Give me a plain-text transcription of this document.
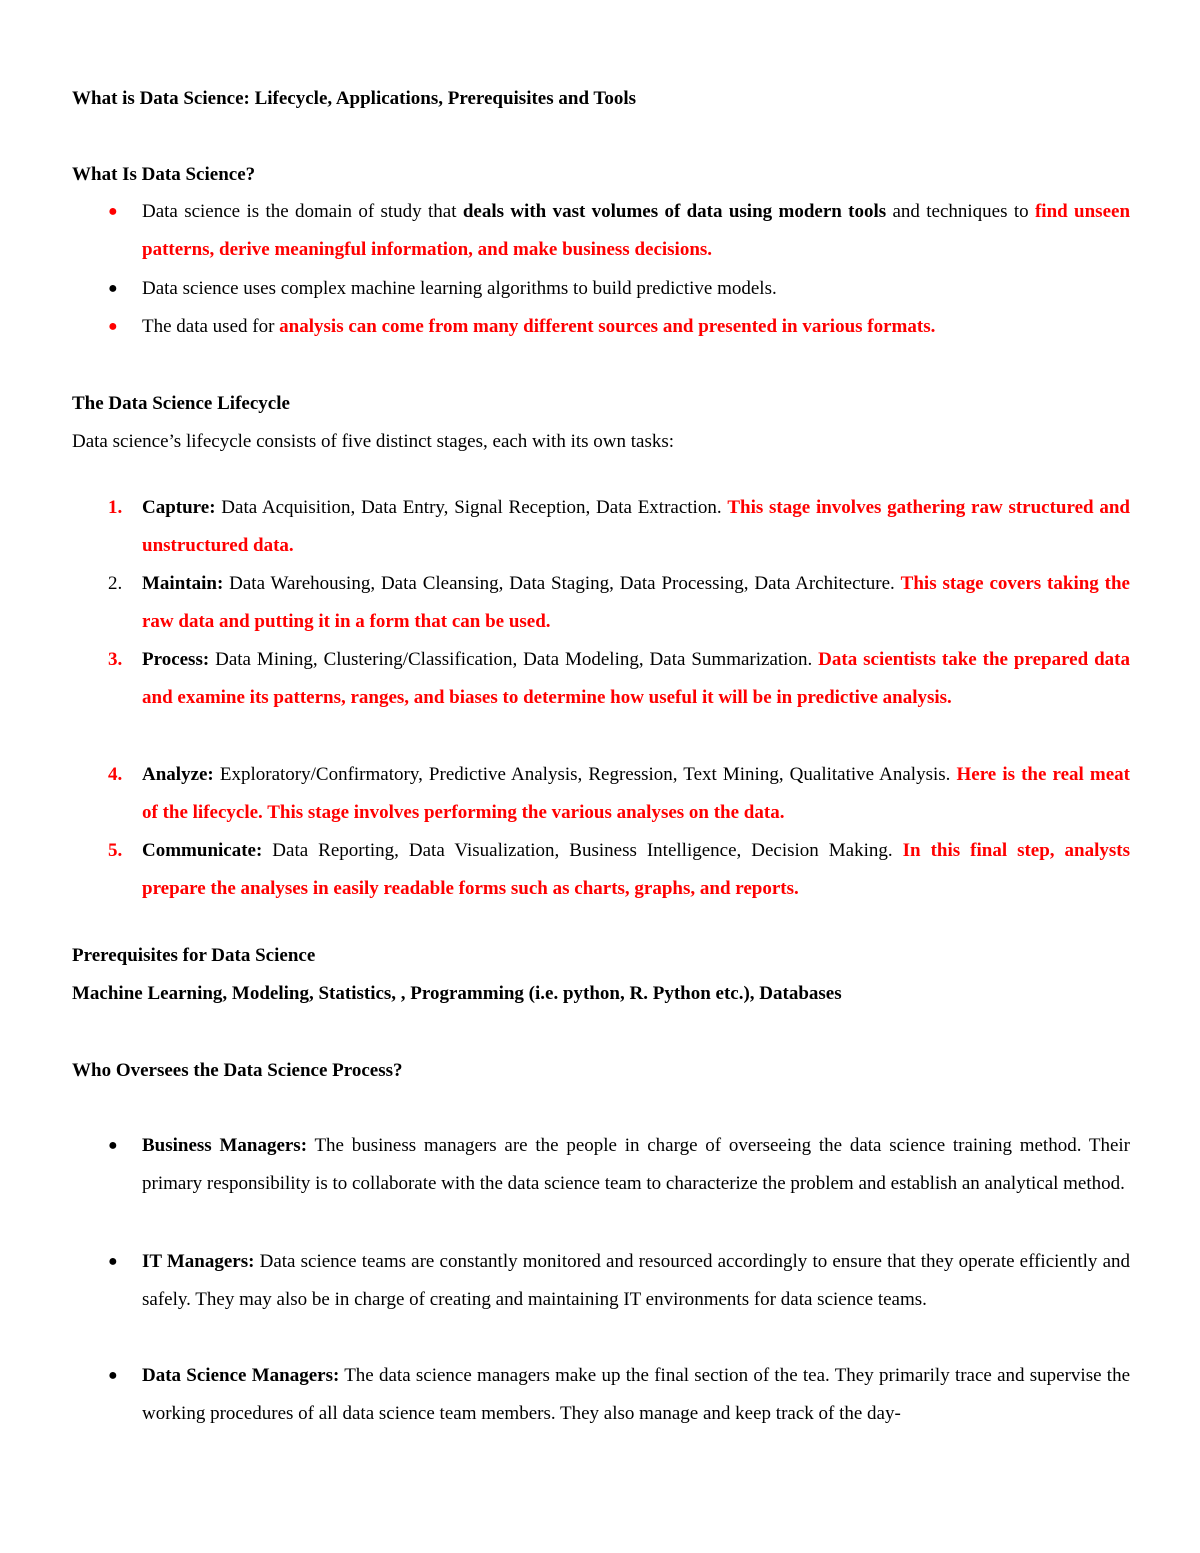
What is Data Science: Lifecycle, Applications, Prerequisites and Tools
What Is Data Science?
● Data science is the domain of study that deals with vast volumes of data using modern tools and techniques to find unseen patterns, derive meaningful information, and make business decisions.
● Data science uses complex machine learning algorithms to build predictive models.
● The data used for analysis can come from many different sources and presented in various formats.
The Data Science Lifecycle
Data science’s lifecycle consists of five distinct stages, each with its own tasks:
1. Capture: Data Acquisition, Data Entry, Signal Reception, Data Extraction. This stage involves gathering raw structured and unstructured data.
2. Maintain: Data Warehousing, Data Cleansing, Data Staging, Data Processing, Data Architecture. This stage covers taking the raw data and putting it in a form that can be used.
3. Process: Data Mining, Clustering/Classification, Data Modeling, Data Summarization. Data scientists take the prepared data and examine its patterns, ranges, and biases to determine how useful it will be in predictive analysis.
4. Analyze: Exploratory/Confirmatory, Predictive Analysis, Regression, Text Mining, Qualitative Analysis. Here is the real meat of the lifecycle. This stage involves performing the various analyses on the data.
5. Communicate: Data Reporting, Data Visualization, Business Intelligence, Decision Making. In this final step, analysts prepare the analyses in easily readable forms such as charts, graphs, and reports.
Prerequisites for Data Science
Machine Learning, Modeling, Statistics, , Programming (i.e. python, R. Python etc.), Databases
Who Oversees the Data Science Process?
● Business Managers: The business managers are the people in charge of overseeing the data science training method. Their primary responsibility is to collaborate with the data science team to characterize the problem and establish an analytical method.
● IT Managers: Data science teams are constantly monitored and resourced accordingly to ensure that they operate efficiently and safely. They may also be in charge of creating and maintaining IT environments for data science teams.
● Data Science Managers: The data science managers make up the final section of the tea. They primarily trace and supervise the working procedures of all data science team members. They also manage and keep track of the day-
